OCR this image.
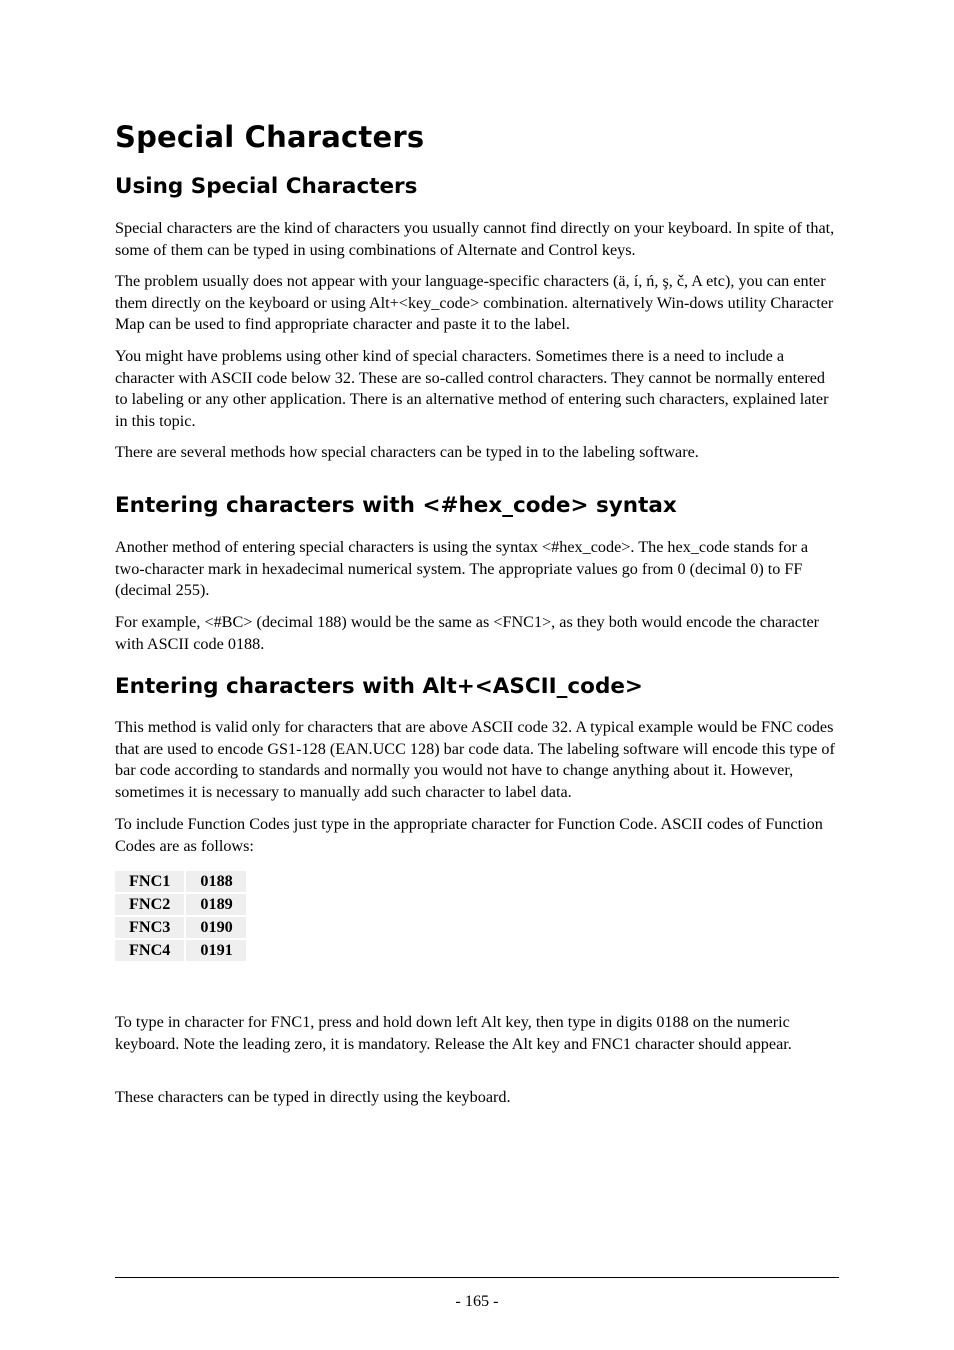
Special Characters
Using Special Characters

Special characters are the kind of characters you usually cannot find directly on your keyboard. In spite of that, some of them can be typed in using combinations of Alternate and Control keys.

The problem usually does not appear with your language-specific characters (ä, í, ń, ş, č, A etc), you can enter them directly on the keyboard or using Alt+<key_code> combination. alternatively Win-dows utility Character Map can be used to find appropriate character and paste it to the label.

You might have problems using other kind of special characters. Sometimes there is a need to include a character with ASCII code below 32. These are so-called control characters. They cannot be normally entered to labeling or any other application. There is an alternative method of entering such characters, explained later in this topic.

There are several methods how special characters can be typed in to the labeling software.

Entering characters with <#hex_code> syntax

Another method of entering special characters is using the syntax <#hex_code>. The hex_code stands for a two-character mark in hexadecimal numerical system. The appropriate values go from 0 (decimal 0) to FF (decimal 255).

For example, <#BC> (decimal 188) would be the same as <FNC1>, as they both would encode the character with ASCII code 0188.

Entering characters with Alt+<ASCII_code>

This method is valid only for characters that are above ASCII code 32. A typical example would be FNC codes that are used to encode GS1-128 (EAN.UCC 128) bar code data. The labeling software will encode this type of bar code according to standards and normally you would not have to change anything about it. However, sometimes it is necessary to manually add such character to label data.

To include Function Codes just type in the appropriate character for Function Code. ASCII codes of Function Codes are as follows:

FNC1	0188
FNC2	0189
FNC3	0190
FNC4	0191

To type in character for FNC1, press and hold down left Alt key, then type in digits 0188 on the numeric keyboard. Note the leading zero, it is mandatory. Release the Alt key and FNC1 character should appear.

These characters can be typed in directly using the keyboard.

- 165 -
